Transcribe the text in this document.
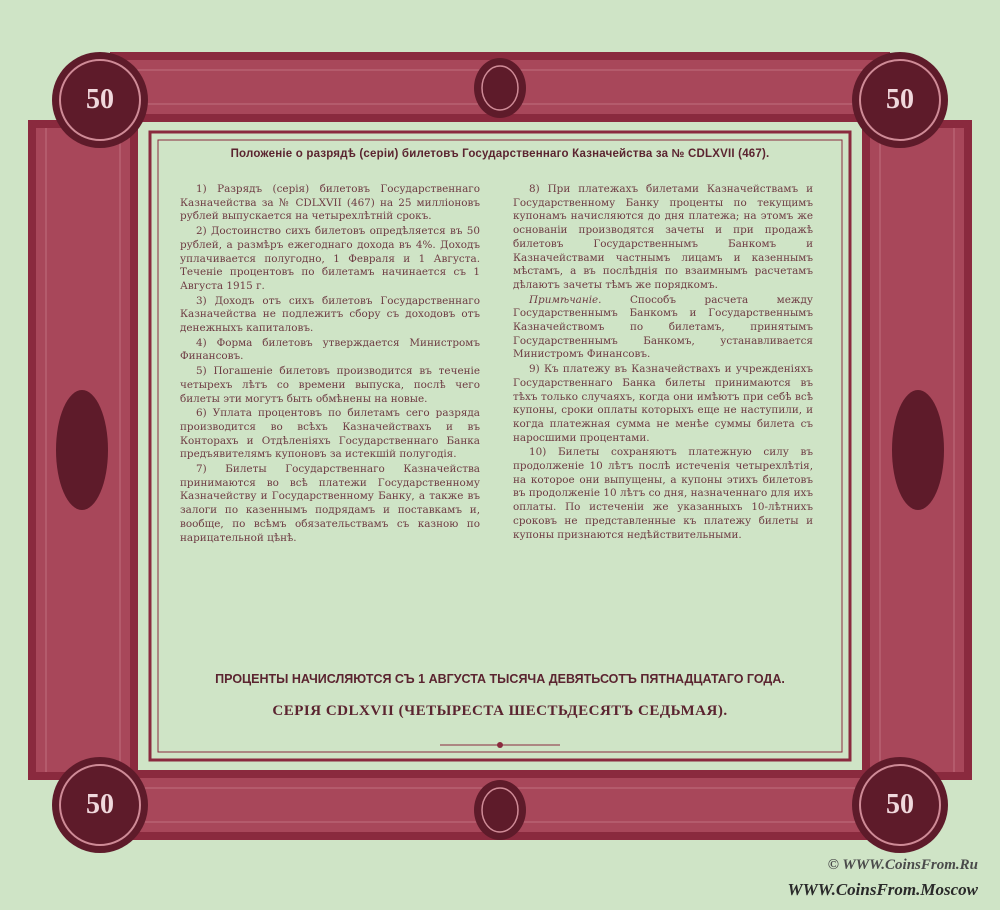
50	50
50	50
Положеніе о разрядѣ (серіи) билетовъ Государственнаго Казначейства за № CDLXVII (467).

1) Разрядъ (серія) билетовъ Государственнаго Казначейства за № CDLXVII (467) на 25 милліоновъ рублей выпускается на четырехлѣтній срокъ.

2) Достоинство сихъ билетовъ опредѣляется въ 50 рублей, а размѣръ ежегоднаго дохода въ 4%. Доходъ уплачивается полугодно, 1 Февраля и 1 Августа. Теченіе процентовъ по билетамъ начинается съ 1 Августа 1915 г.

3) Доходъ отъ сихъ билетовъ Государственнаго Казначейства не подлежитъ сбору съ доходовъ отъ денежныхъ капиталовъ.

4) Форма билетовъ утверждается Министромъ Финансовъ.

5) Погашеніе билетовъ производится въ теченіе четырехъ лѣтъ со времени выпуска, послѣ чего билеты эти могутъ быть обмѣнены на новые.

6) Уплата процентовъ по билетамъ сего разряда производится во всѣхъ Казначействахъ и въ Конторахъ и Отдѣленіяхъ Государственнаго Банка предъявителямъ купоновъ за истекшій полугодія.

7) Билеты Государственнаго Казначейства принимаются во всѣ платежи Государственному Казначейству и Государственному Банку, а также въ залоги по казеннымъ подрядамъ и поставкамъ и, вообще, по всѣмъ обязательствамъ съ казною по нарицательной цѣнѣ.

8) При платежахъ билетами Казначействамъ и Государственному Банку проценты по текущимъ купонамъ начисляются до дня платежа; на этомъ же основаніи производятся зачеты и при продажѣ билетовъ Государственнымъ Банкомъ и Казначействами частнымъ лицамъ и казеннымъ мѣстамъ, а въ послѣднія по взаимнымъ расчетамъ дѣлаютъ зачеты тѣмъ же порядкомъ.

Примѣчаніе. Способъ расчета между Государственнымъ Банкомъ и Государственнымъ Казначействомъ по билетамъ, принятымъ Государственнымъ Банкомъ, устанавливается Министромъ Финансовъ.

9) Къ платежу въ Казначействахъ и учрежденіяхъ Государственнаго Банка билеты принимаются въ тѣхъ только случаяхъ, когда они имѣютъ при себѣ всѣ купоны, сроки оплаты которыхъ еще не наступили, и когда платежная сумма не менѣе суммы билета съ наросшими процентами.

10) Билеты сохраняютъ платежную силу въ продолженіе 10 лѣтъ послѣ истеченія четырехлѣтія, на которое они выпущены, а купоны этихъ билетовъ въ продолженіе 10 лѣтъ со дня, назначеннаго для ихъ оплаты. По истеченіи же указанныхъ 10-лѣтнихъ сроковъ не представленные къ платежу билеты и купоны признаются недѣйствительными.

ПРОЦЕНТЫ НАЧИСЛЯЮТСЯ СЪ 1 АВГУСТА ТЫСЯЧА ДЕВЯТЬСОТЪ ПЯТНАДЦАТАГО ГОДА.
СЕРІЯ CDLXVII (ЧЕТЫРЕСТА ШЕСТЬДЕСЯТЪ СЕДЬМАЯ).
© WWW.CoinsFrom.Ru
WWW.CoinsFrom.Moscow
